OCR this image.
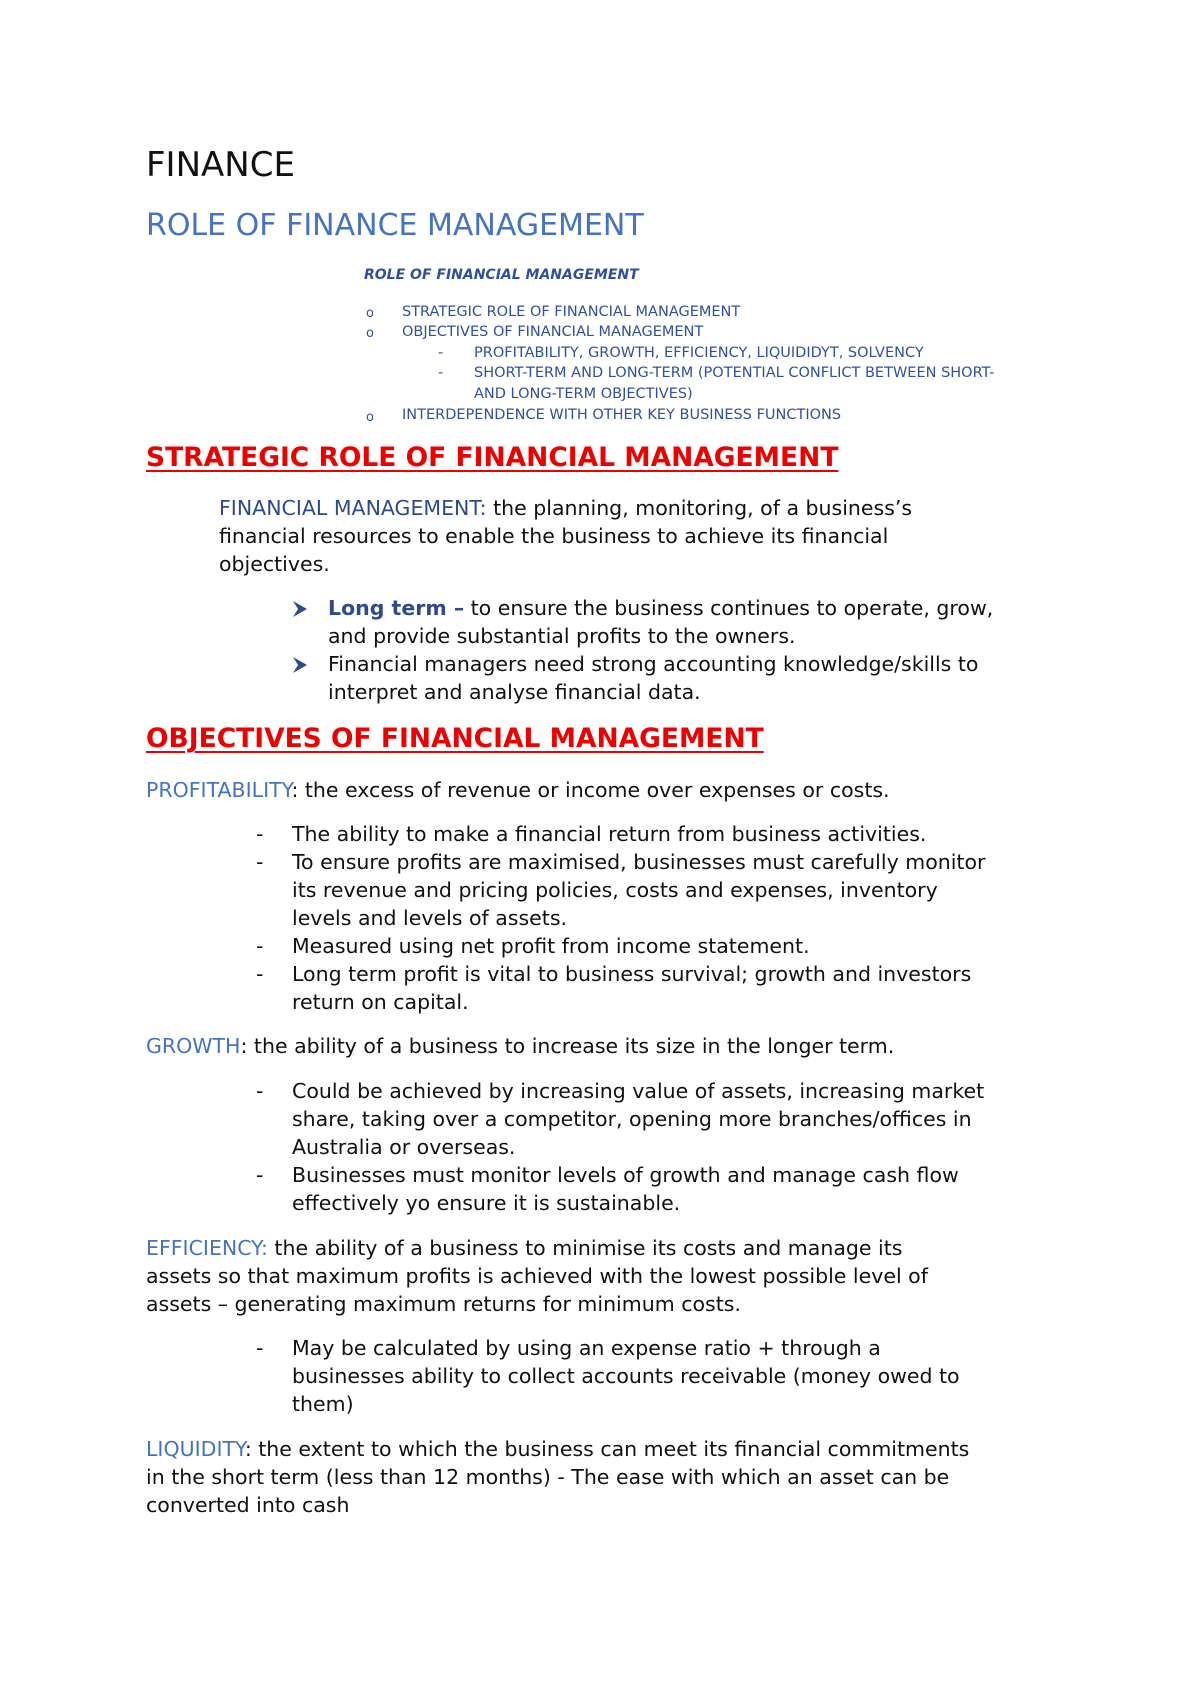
FINANCE
ROLE OF FINANCE MANAGEMENT
ROLE OF FINANCIAL MANAGEMENT
o STRATEGIC ROLE OF FINANCIAL MANAGEMENT
o OBJECTIVES OF FINANCIAL MANAGEMENT
- PROFITABILITY, GROWTH, EFFICIENCY, LIQUIDIDYT, SOLVENCY
- SHORT-TERM AND LONG-TERM (POTENTIAL CONFLICT BETWEEN SHORT-
AND LONG-TERM OBJECTIVES)
o INTERDEPENDENCE WITH OTHER KEY BUSINESS FUNCTIONS
STRATEGIC ROLE OF FINANCIAL MANAGEMENT
FINANCIAL MANAGEMENT: the planning, monitoring, of a business’s
financial resources to enable the business to achieve its financial
objectives.
Long term – to ensure the business continues to operate, grow,
and provide substantial profits to the owners.
Financial managers need strong accounting knowledge/skills to
interpret and analyse financial data.
OBJECTIVES OF FINANCIAL MANAGEMENT
PROFITABILITY: the excess of revenue or income over expenses or costs.
- The ability to make a financial return from business activities.
- To ensure profits are maximised, businesses must carefully monitor
its revenue and pricing policies, costs and expenses, inventory
levels and levels of assets.
- Measured using net profit from income statement.
- Long term profit is vital to business survival; growth and investors
return on capital.
GROWTH: the ability of a business to increase its size in the longer term.
- Could be achieved by increasing value of assets, increasing market
share, taking over a competitor, opening more branches/offices in
Australia or overseas.
- Businesses must monitor levels of growth and manage cash flow
effectively yo ensure it is sustainable.
EFFICIENCY: the ability of a business to minimise its costs and manage its
assets so that maximum profits is achieved with the lowest possible level of
assets – generating maximum returns for minimum costs.
- May be calculated by using an expense ratio + through a
businesses ability to collect accounts receivable (money owed to
them)
LIQUIDITY: the extent to which the business can meet its financial commitments
in the short term (less than 12 months) - The ease with which an asset can be
converted into cash
